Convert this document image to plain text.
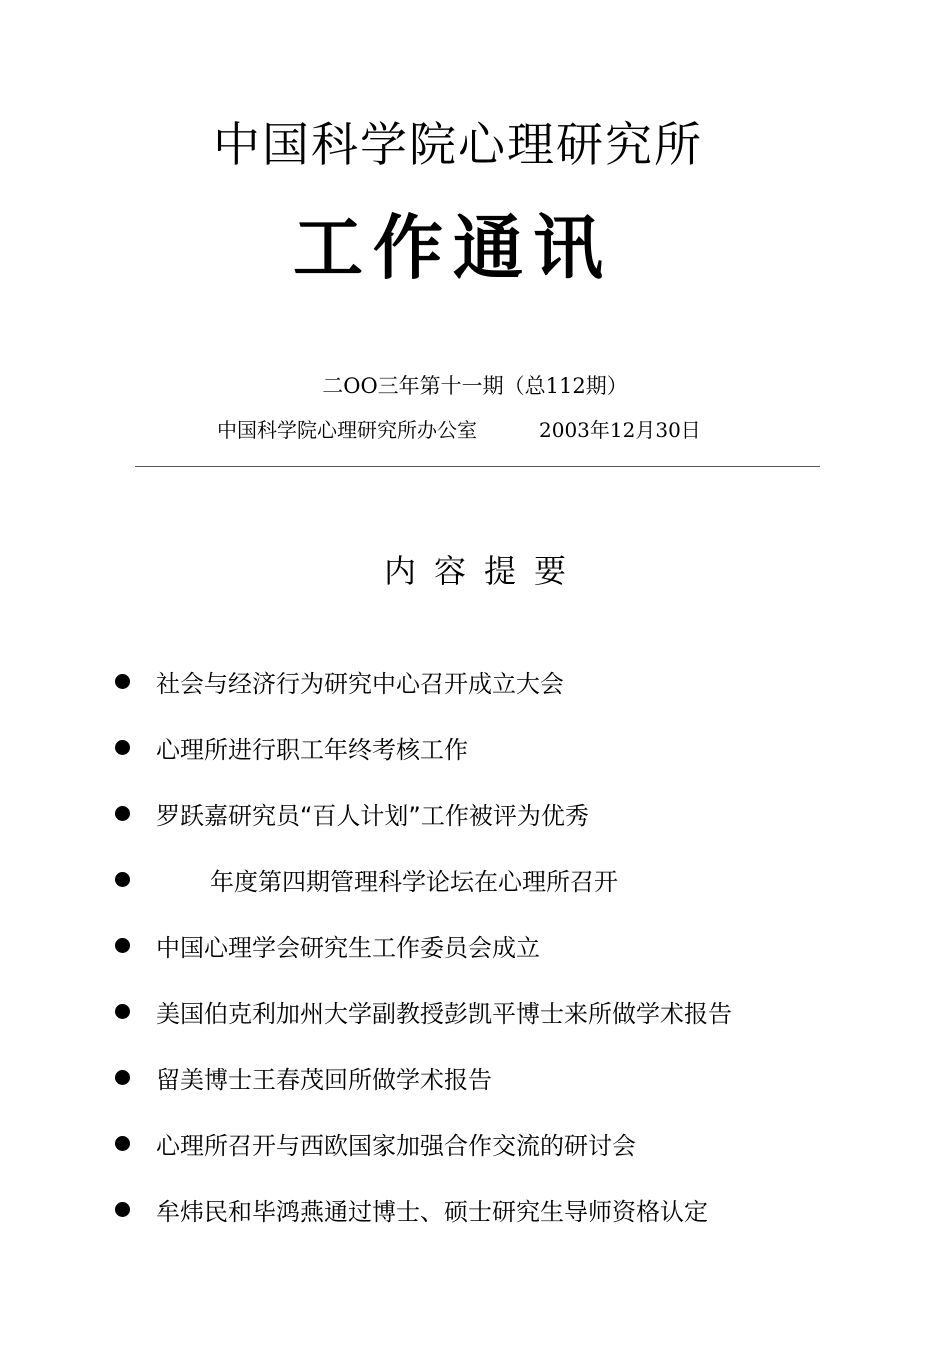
中国科学院心理研究所
工作通讯
二OO三年第十一期（总112期）
中国科学院心理研究所办公室	2003年12月30日
内容提要
社会与经济行为研究中心召开成立大会
心理所进行职工年终考核工作
罗跃嘉研究员“百人计划”工作被评为优秀
年度第四期管理科学论坛在心理所召开
中国心理学会研究生工作委员会成立
美国伯克利加州大学副教授彭凯平博士来所做学术报告
留美博士王春茂回所做学术报告
心理所召开与西欧国家加强合作交流的研讨会
牟炜民和毕鸿燕通过博士、硕士研究生导师资格认定
